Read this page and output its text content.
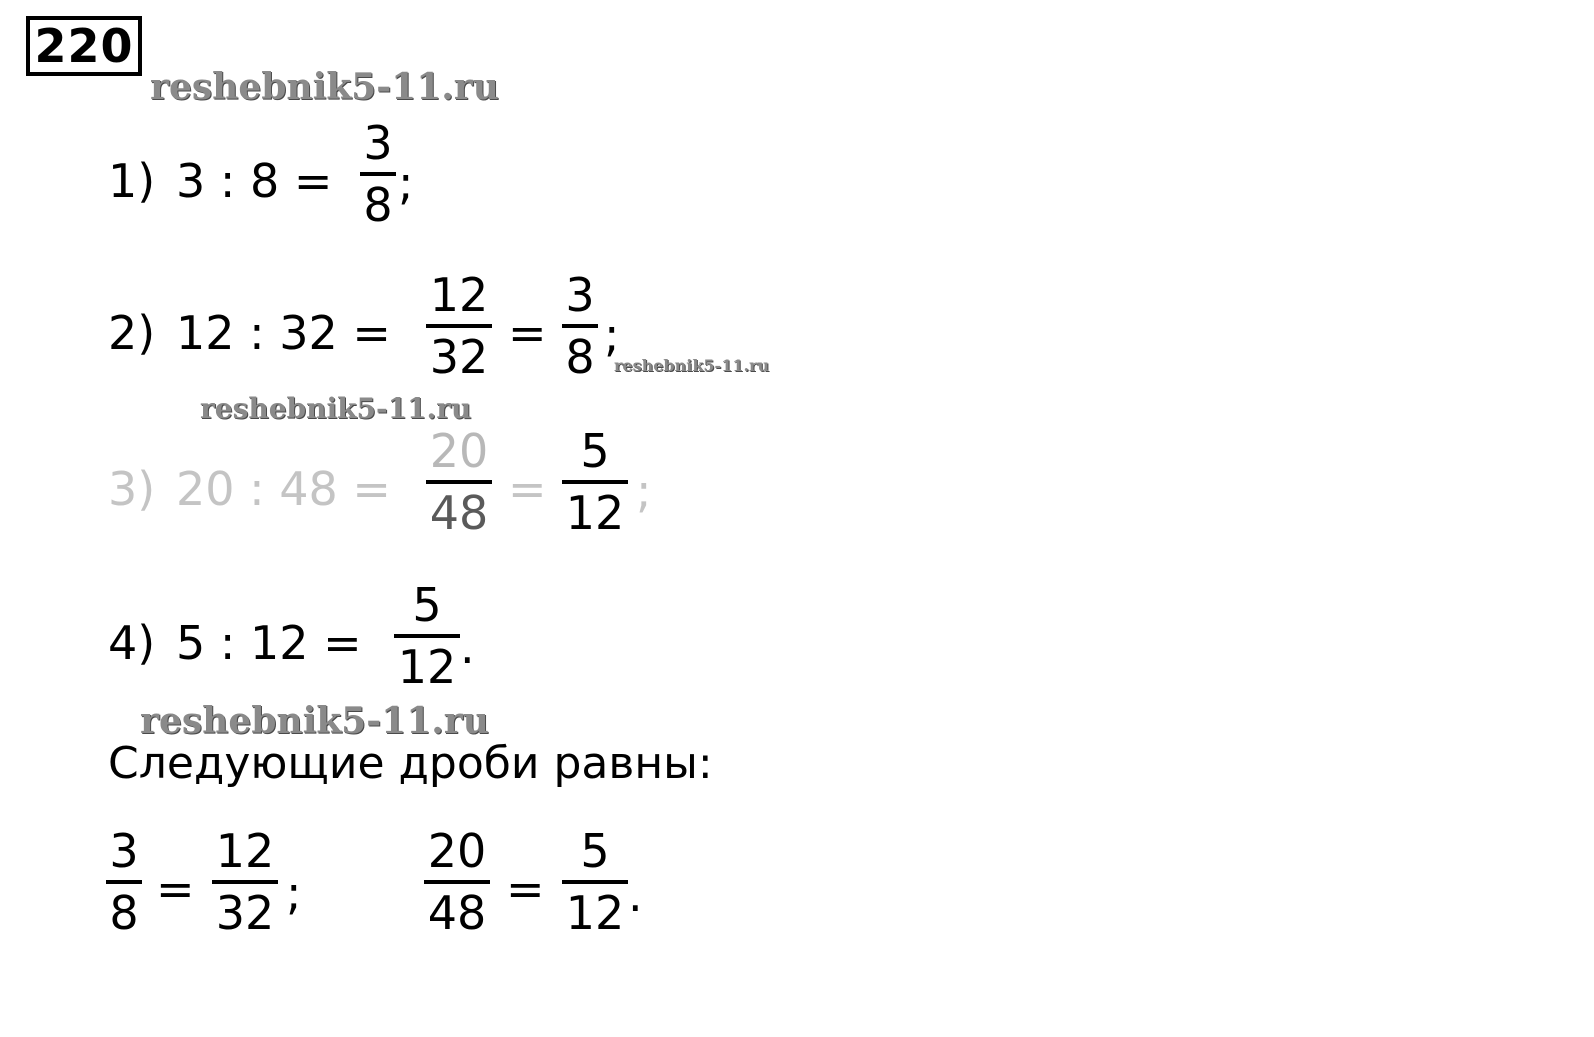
220
reshebnik5-11.ru
reshebnik5-11.ru
reshebnik5-11.ru
reshebnik5-11.ru
1) 3 : 8 =
3
8 ;
2) 12 : 32 =
12
32 =
3
8 ;
3) 20 : 48 =
20
48 =
5
12 ;
4) 5 : 12 =
5
12 .
Следующие дроби равны:
3
8 =
12
32 ;
20
48 =
5
12 .
